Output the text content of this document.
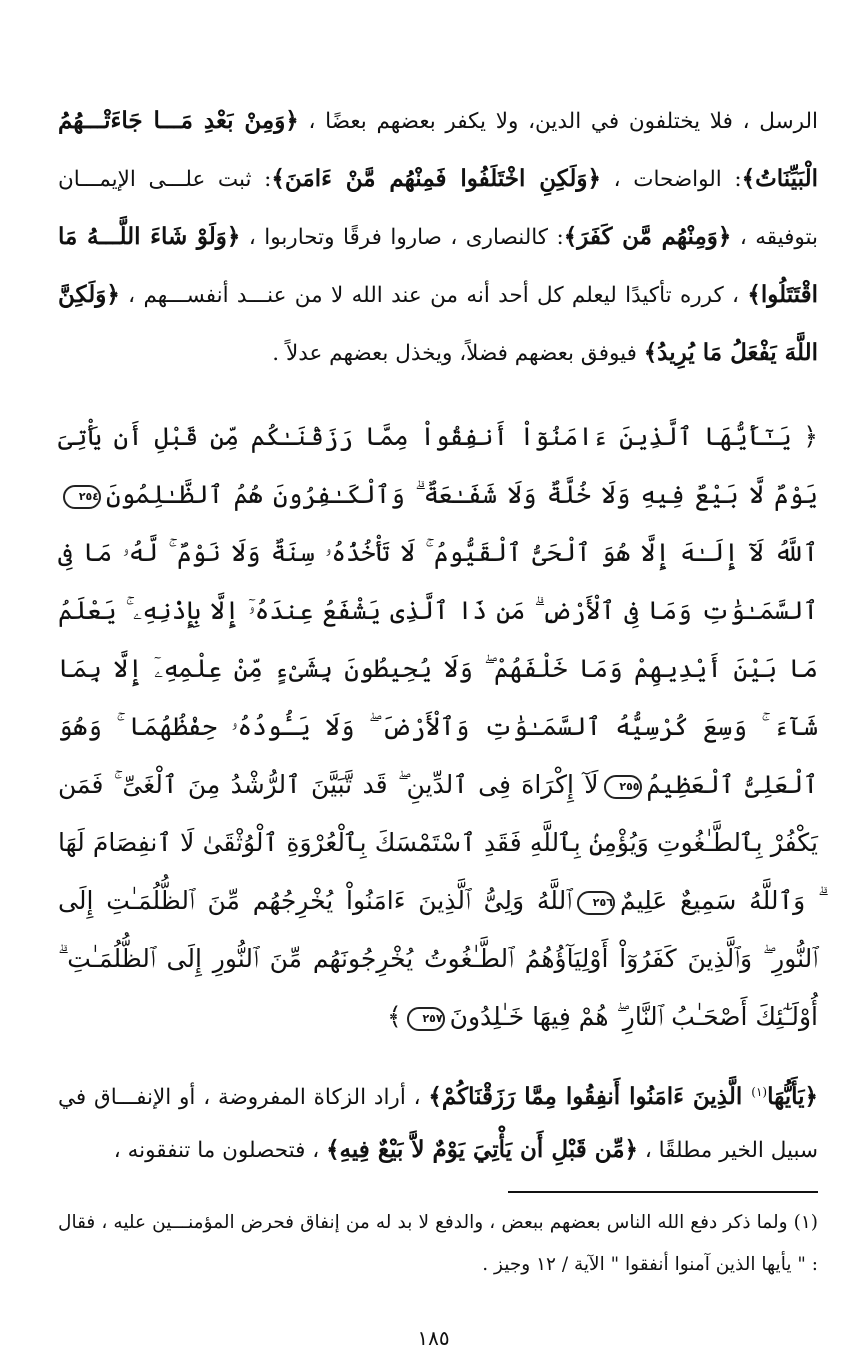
الرسل ، فلا يختلفون في الدين، ولا يكفر بعضهم بعضًا ، ﴿وَمِنْ بَعْدِ مَـــا جَاءَتْـــهُمُ الْبَيِّنَاتُ﴾: الواضحات ، ﴿وَلَكِنِ اخْتَلَفُوا فَمِنْهُم مَّنْ ءَامَنَ﴾: ثبت علـــى الإيمـــان بتوفيقه ، ﴿وَمِنْهُم مَّن كَفَرَ﴾: كالنصارى ، صاروا فرقًا وتحاربوا ، ﴿وَلَوْ شَاءَ اللَّـــهُ مَا اقْتَتَلُوا﴾ ، كرره تأكيدًا ليعلم كل أحد أنه من عند الله لا من عنـــد أنفســـهم ، ﴿وَلَكِنَّ اللَّهَ يَفْعَلُ مَا يُرِيدُ﴾ فيوفق بعضهم فضلاً، ويخذل بعضهم عدلاً .

﴿ يَـٰٓأَيُّهَا ٱلَّذِينَ ءَامَنُوٓاْ أَنفِقُواْ مِمَّا رَزَقْنَـٰكُم مِّن قَبْلِ أَن يَأْتِىَ يَوْمٌ لَّا بَيْعٌ فِيهِ وَلَا خُلَّةٌ وَلَا شَفَـٰعَةٌ ۗ وَٱلْكَـٰفِرُونَ هُمُ ٱلظَّـٰلِمُونَ٢٥٤ٱللَّهُ لَآ إِلَـٰهَ إِلَّا هُوَ ٱلْحَىُّ ٱلْقَيُّومُ ۚ لَا تَأْخُذُهُۥ سِنَةٌ وَلَا نَوْمٌ ۚ لَّهُۥ مَا فِى ٱلسَّمَـٰوَٰتِ وَمَا فِى ٱلْأَرْضِ ۗ مَن ذَا ٱلَّذِى يَشْفَعُ عِندَهُۥٓ إِلَّا بِإِذْنِهِۦ ۚ يَعْلَمُ مَا بَيْنَ أَيْدِيهِمْ وَمَا خَلْفَهُمْ ۖ وَلَا يُحِيطُونَ بِشَىْءٍ مِّنْ عِلْمِهِۦٓ إِلَّا بِمَا شَآءَ ۚ وَسِعَ كُرْسِيُّهُ ٱلسَّمَـٰوَٰتِ وَٱلْأَرْضَ ۖ وَلَا يَـُٔودُهُۥ حِفْظُهُمَا ۚ وَهُوَ ٱلْعَلِىُّ ٱلْعَظِيمُ٢٥٥لَآ إِكْرَاهَ فِى ٱلدِّينِ ۖ قَد تَّبَيَّنَ ٱلرُّشْدُ مِنَ ٱلْغَىِّ ۚ فَمَن يَكْفُرْ بِٱلطَّـٰغُوتِ وَيُؤْمِنۢ بِٱللَّهِ فَقَدِ ٱسْتَمْسَكَ بِٱلْعُرْوَةِ ٱلْوُثْقَىٰ لَا ٱنفِصَامَ لَهَا ۗ وَٱللَّهُ سَمِيعٌ عَلِيمٌ٢٥٦ٱللَّهُ وَلِىُّ ٱلَّذِينَ ءَامَنُواْ يُخْرِجُهُم مِّنَ ٱلظُّلُمَـٰتِ إِلَى ٱلنُّورِ ۖ وَٱلَّذِينَ كَفَرُوٓاْ أَوْلِيَآؤُهُمُ ٱلطَّـٰغُوتُ يُخْرِجُونَهُم مِّنَ ٱلنُّورِ إِلَى ٱلظُّلُمَـٰتِ ۗ أُوْلَـٰٓئِكَ أَصْحَـٰبُ ٱلنَّارِ ۖ هُمْ فِيهَا خَـٰلِدُونَ٢٥٧﴾

﴿يَأَيُّهَا$^{(١)}$ الَّذِينَ ءَامَنُوا أَنفِقُوا مِمَّا رَزَقْنَاكُمْ﴾ ، أراد الزكاة المفروضة ، أو الإنفـــاق في سبيل الخير مطلقًا ، ﴿مِّن قَبْلِ أَن يَأْتِيَ يَوْمٌ لاَّ بَيْعٌ فِيهِ﴾ ، فتحصلون ما تنفقونه ،

(١) ولما ذكر دفع الله الناس بعضهم ببعض ، والدفع لا بد له من إنفاق فحرض المؤمنـــين عليه ، فقال : " يأيها الذين آمنوا أنفقوا " الآية / ١٢ وجيز .

١٨٥
